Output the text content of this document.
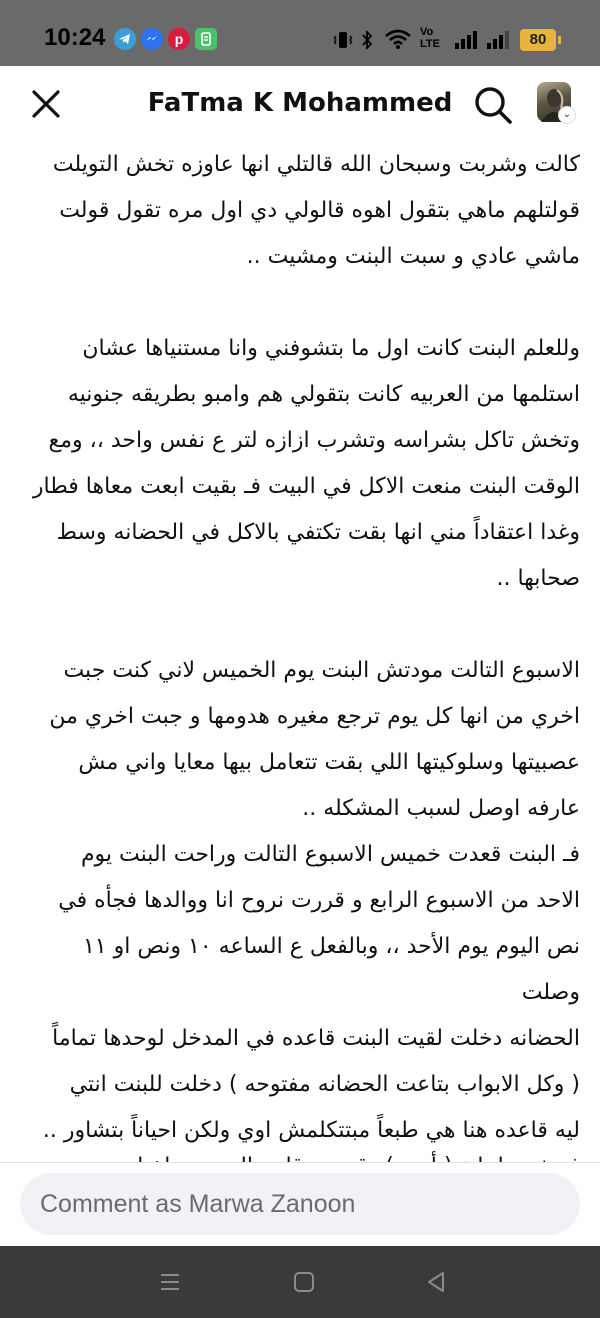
10:24	p	Vo LTE	80
FaTma K Mohammed	⌄

كالت وشربت وسبحان الله قالتلي انها عاوزه تخش التويلت
قولتلهم ماهي بتقول اهوه قالولي دي اول مره تقول قولت
ماشي عادي و سبت البنت ومشيت ..

وللعلم البنت كانت اول ما بتشوفني وانا مستنياها عشان
استلمها من العربيه كانت بتقولي هم وامبو بطريقه جنونيه
وتخش تاكل بشراسه وتشرب ازازه لتر ع نفس واحد ،، ومع
الوقت البنت منعت الاكل في البيت فـ بقيت ابعت معاها فطار
وغدا اعتقاداً مني انها بقت تكتفي بالاكل في الحضانه وسط
صحابها ..

الاسبوع التالت مودتش البنت يوم الخميس لاني كنت جبت
اخري من انها كل يوم ترجع مغيره هدومها و جبت اخري من
عصبيتها وسلوكيتها اللي بقت تتعامل بيها معايا واني مش
عارفه اوصل لسبب المشكله ..
فـ البنت قعدت خميس الاسبوع التالت وراحت البنت يوم
الاحد من الاسبوع الرابع و قررت نروح انا ووالدها فجأه في
نص اليوم يوم الأحد ،، وبالفعل ع الساعه ١٠ ونص او ١١ وصلت
الحضانه دخلت لقيت البنت قاعده في المدخل لوحدها تماماً
( وكل الابواب بتاعت الحضانه مفتوحه ) دخلت للبنت انتي
ليه قاعده هنا هي طبعاً مبتتكلمش اوي ولكن احياناً بتشاور ..

Comment as Marwa Zanoon
